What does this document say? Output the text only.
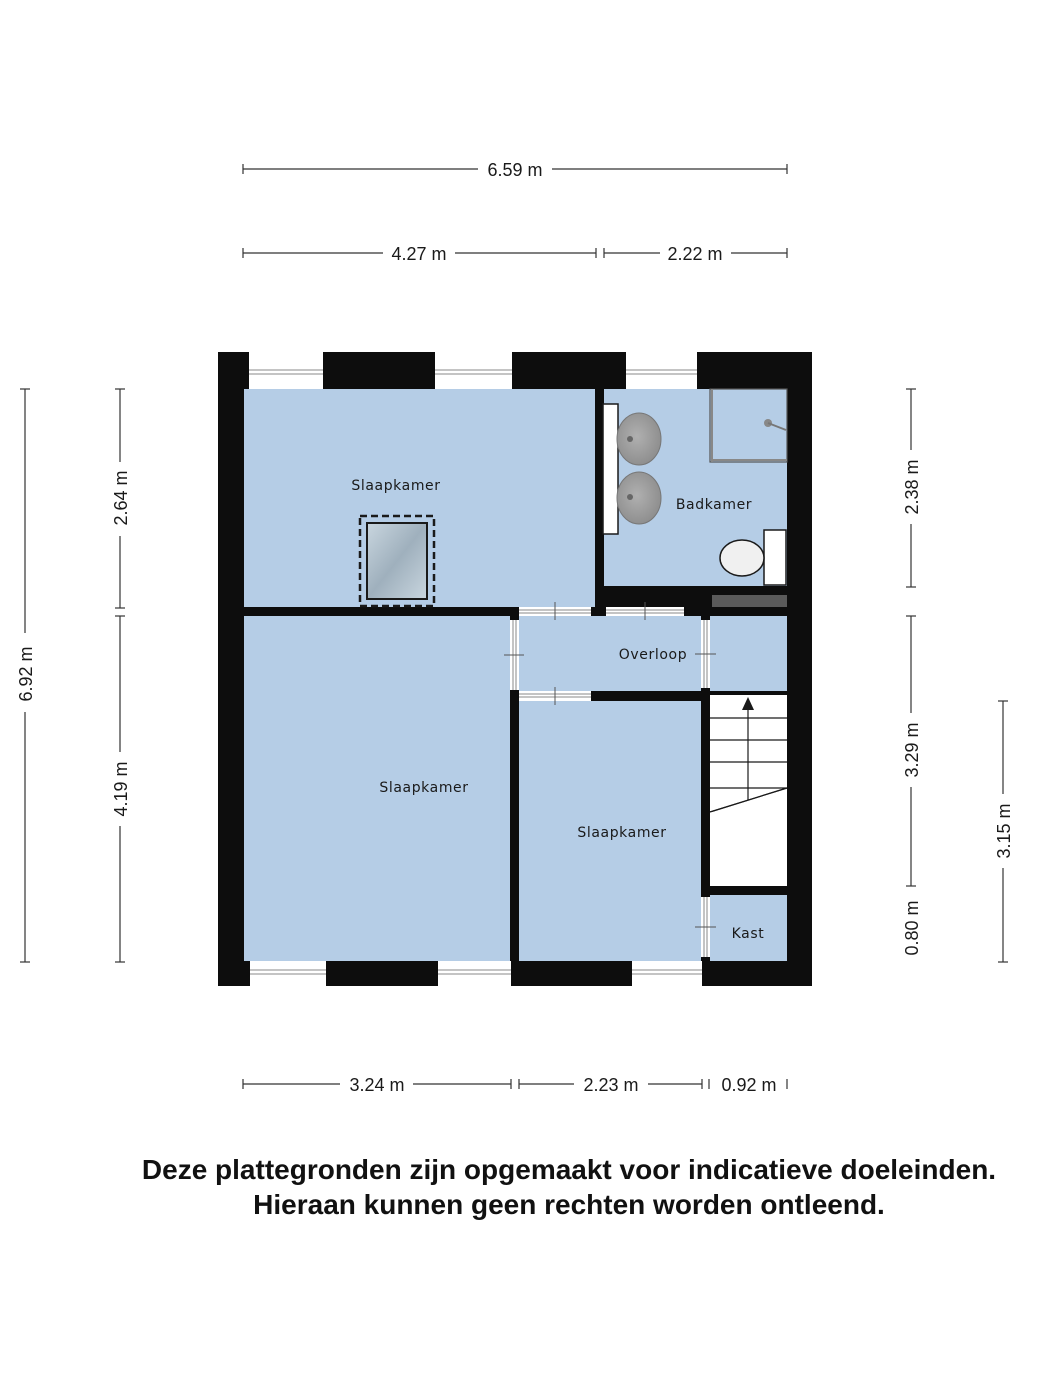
6.59 m
4.27 m	2.22 m
6.92 m
2.64 m
4.19 m
2.38 m
3.29 m
0.80 m
3.15 m
3.24 m	2.23 m	0.92 m
Slaapkamer
Badkamer
Overloop
Slaapkamer
Slaapkamer
Kast
Deze plattegronden zijn opgemaakt voor indicatieve doeleinden.
Hieraan kunnen geen rechten worden ontleend.
